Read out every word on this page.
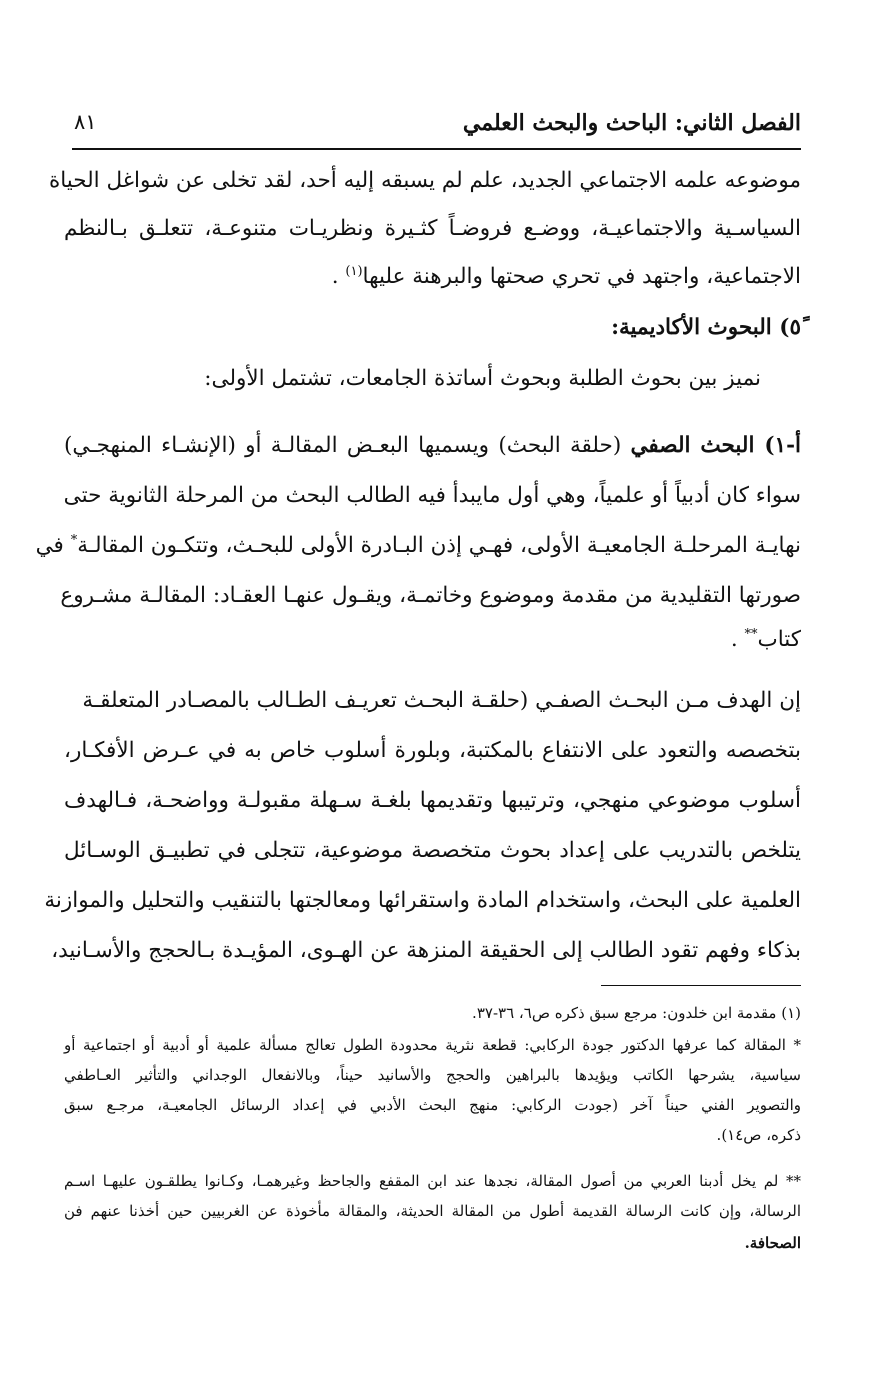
الفصل الثاني: الباحث والبحث العلمي
٨١
موضوعه علمه الاجتماعي الجديد، علم لم يسبقه إليه أحد، لقد تخلى عن شواغل الحياة
السياسـية والاجتماعيـة، ووضـع فروضـاً كثـيرة ونظريـات متنوعـة، تتعلـق بـالنظم
الاجتماعية، واجتهد في تحري صحتها والبرهنة عليها$^{(١)}$ .
٥ً) البحوث الأكاديمية:
نميز بين بحوث الطلبة وبحوث أساتذة الجامعات، تشتمل الأولى:
أ-١) البحث الصفي (حلقة البحث) ويسميها البعـض المقالـة أو (الإنشـاء المنهجـي)
سواء كان أدبياً أو علمياً، وهي أول مايبدأ فيه الطالب البحث من المرحلة الثانوية حتى
نهايـة المرحلـة الجامعيـة الأولى، فهـي إذن البـادرة الأولى للبحـث، وتتكـون المقالـة* في
صورتها التقليدية من مقدمة وموضوع وخاتمـة، ويقـول عنهـا العقـاد: المقالـة مشـروع
كتاب** .
إن الهدف مـن البحـث الصفـي (حلقـة البحـث تعريـف الطـالب بالمصـادر المتعلقـة
بتخصصه والتعود على الانتفاع بالمكتبة، وبلورة أسلوب خاص به في عـرض الأفكـار،
أسلوب موضوعي منهجي، وترتيبها وتقديمها بلغـة سـهلة مقبولـة وواضحـة، فـالهدف
يتلخص بالتدريب على إعداد بحوث متخصصة موضوعية، تتجلى في تطبيـق الوسـائل
العلمية على البحث، واستخدام المادة واستقرائها ومعالجتها بالتنقيب والتحليل والموازنة
بذكاء وفهم تقود الطالب إلى الحقيقة المنزهة عن الهـوى، المؤيـدة بـالحجج والأسـانيد،
(١) مقدمة ابن خلدون: مرجع سبق ذكره ص٦، ٣٦-٣٧.
* المقالة كما عرفها الدكتور جودة الركابي: قطعة نثرية محدودة الطول تعالج مسألة علمية أو أدبية أو اجتماعية أو
سياسية، يشرحها الكاتب ويؤيدها بالبراهين والحجج والأسانيد حيناً، وبالانفعال الوجداني والتأثير العـاطفي
والتصوير الفني حيناً آخر (جودت الركابي: منهج البحث الأدبي في إعداد الرسائل الجامعيـة، مرجـع سبق
ذكره، ص١٤).
** لم يخل أدبنا العربي من أصول المقالة، نجدها عند ابن المقفع والجاحظ وغيرهمـا، وكـانوا يطلقـون عليهـا اسـم
الرسالة، وإن كانت الرسالة القديمة أطول من المقالة الحديثة، والمقالة مأخوذة عن الغربيين حين أخذنا عنهم فن
الصحافة.
